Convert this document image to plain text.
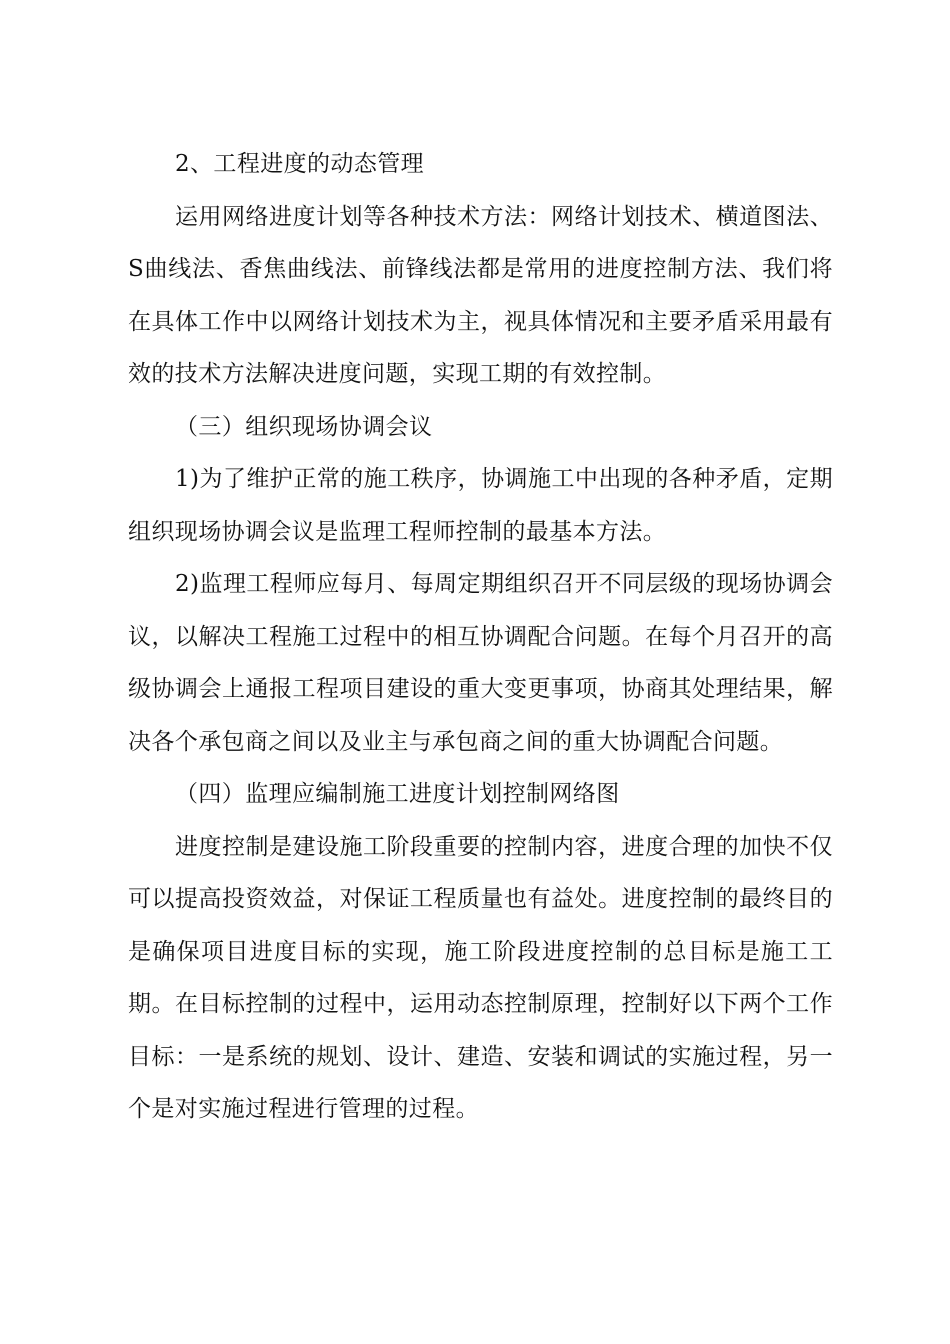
2、工程进度的动态管理

运用网络进度计划等各种技术方法：网络计划技术、横道图法、S曲线法、香焦曲线法、前锋线法都是常用的进度控制方法、我们将在具体工作中以网络计划技术为主，视具体情况和主要矛盾采用最有效的技术方法解决进度问题，实现工期的有效控制。

（三）组织现场协调会议

1)为了维护正常的施工秩序，协调施工中出现的各种矛盾，定期组织现场协调会议是监理工程师控制的最基本方法。

2)监理工程师应每月、每周定期组织召开不同层级的现场协调会议，以解决工程施工过程中的相互协调配合问题。在每个月召开的高级协调会上通报工程项目建设的重大变更事项，协商其处理结果，解决各个承包商之间以及业主与承包商之间的重大协调配合问题。

（四）监理应编制施工进度计划控制网络图

进度控制是建设施工阶段重要的控制内容，进度合理的加快不仅可以提高投资效益，对保证工程质量也有益处。进度控制的最终目的是确保项目进度目标的实现，施工阶段进度控制的总目标是施工工期。在目标控制的过程中，运用动态控制原理，控制好以下两个工作目标：一是系统的规划、设计、建造、安装和调试的实施过程，另一个是对实施过程进行管理的过程。
